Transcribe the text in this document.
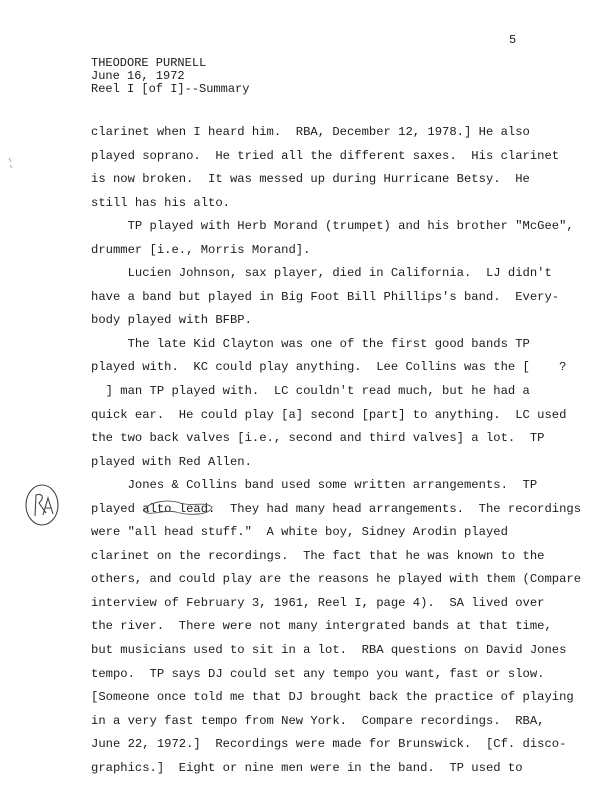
5
THEODORE PURNELL
June 16, 1972
Reel I [of I]--Summary
clarinet when I heard him.  RBA, December 12, 1978.] He also
played soprano.  He tried all the different saxes.  His clarinet
is now broken.  It was messed up during Hurricane Betsy.  He
still has his alto.
TP played with Herb Morand (trumpet) and his brother "McGee",
drummer [i.e., Morris Morand].
Lucien Johnson, sax player, died in California.  LJ didn't
have a band but played in Big Foot Bill Phillips's band.  Every-
body played with BFBP.
The late Kid Clayton was one of the first good bands TP
played with.  KC could play anything.  Lee Collins was the [    ?
] man TP played with.  LC couldn't read much, but he had a
quick ear.  He could play [a] second [part] to anything.  LC used
the two back valves [i.e., second and third valves] a lot.  TP
played with Red Allen.
Jones & Collins band used some written arrangements.  TP
played alto lead.  They had many head arrangements.  The recordings
were "all head stuff."  A white boy, Sidney Arodin played
clarinet on the recordings.  The fact that he was known to the
others, and could play are the reasons he played with them (Compare
interview of February 3, 1961, Reel I, page 4).  SA lived over
the river.  There were not many intergrated bands at that time,
but musicians used to sit in a lot.  RBA questions on David Jones
tempo.  TP says DJ could set any tempo you want, fast or slow.
[Someone once told me that DJ brought back the practice of playing
in a very fast tempo from New York.  Compare recordings.  RBA,
June 22, 1972.]  Recordings were made for Brunswick.  [Cf. disco-
graphics.]  Eight or nine men were in the band.  TP used to
